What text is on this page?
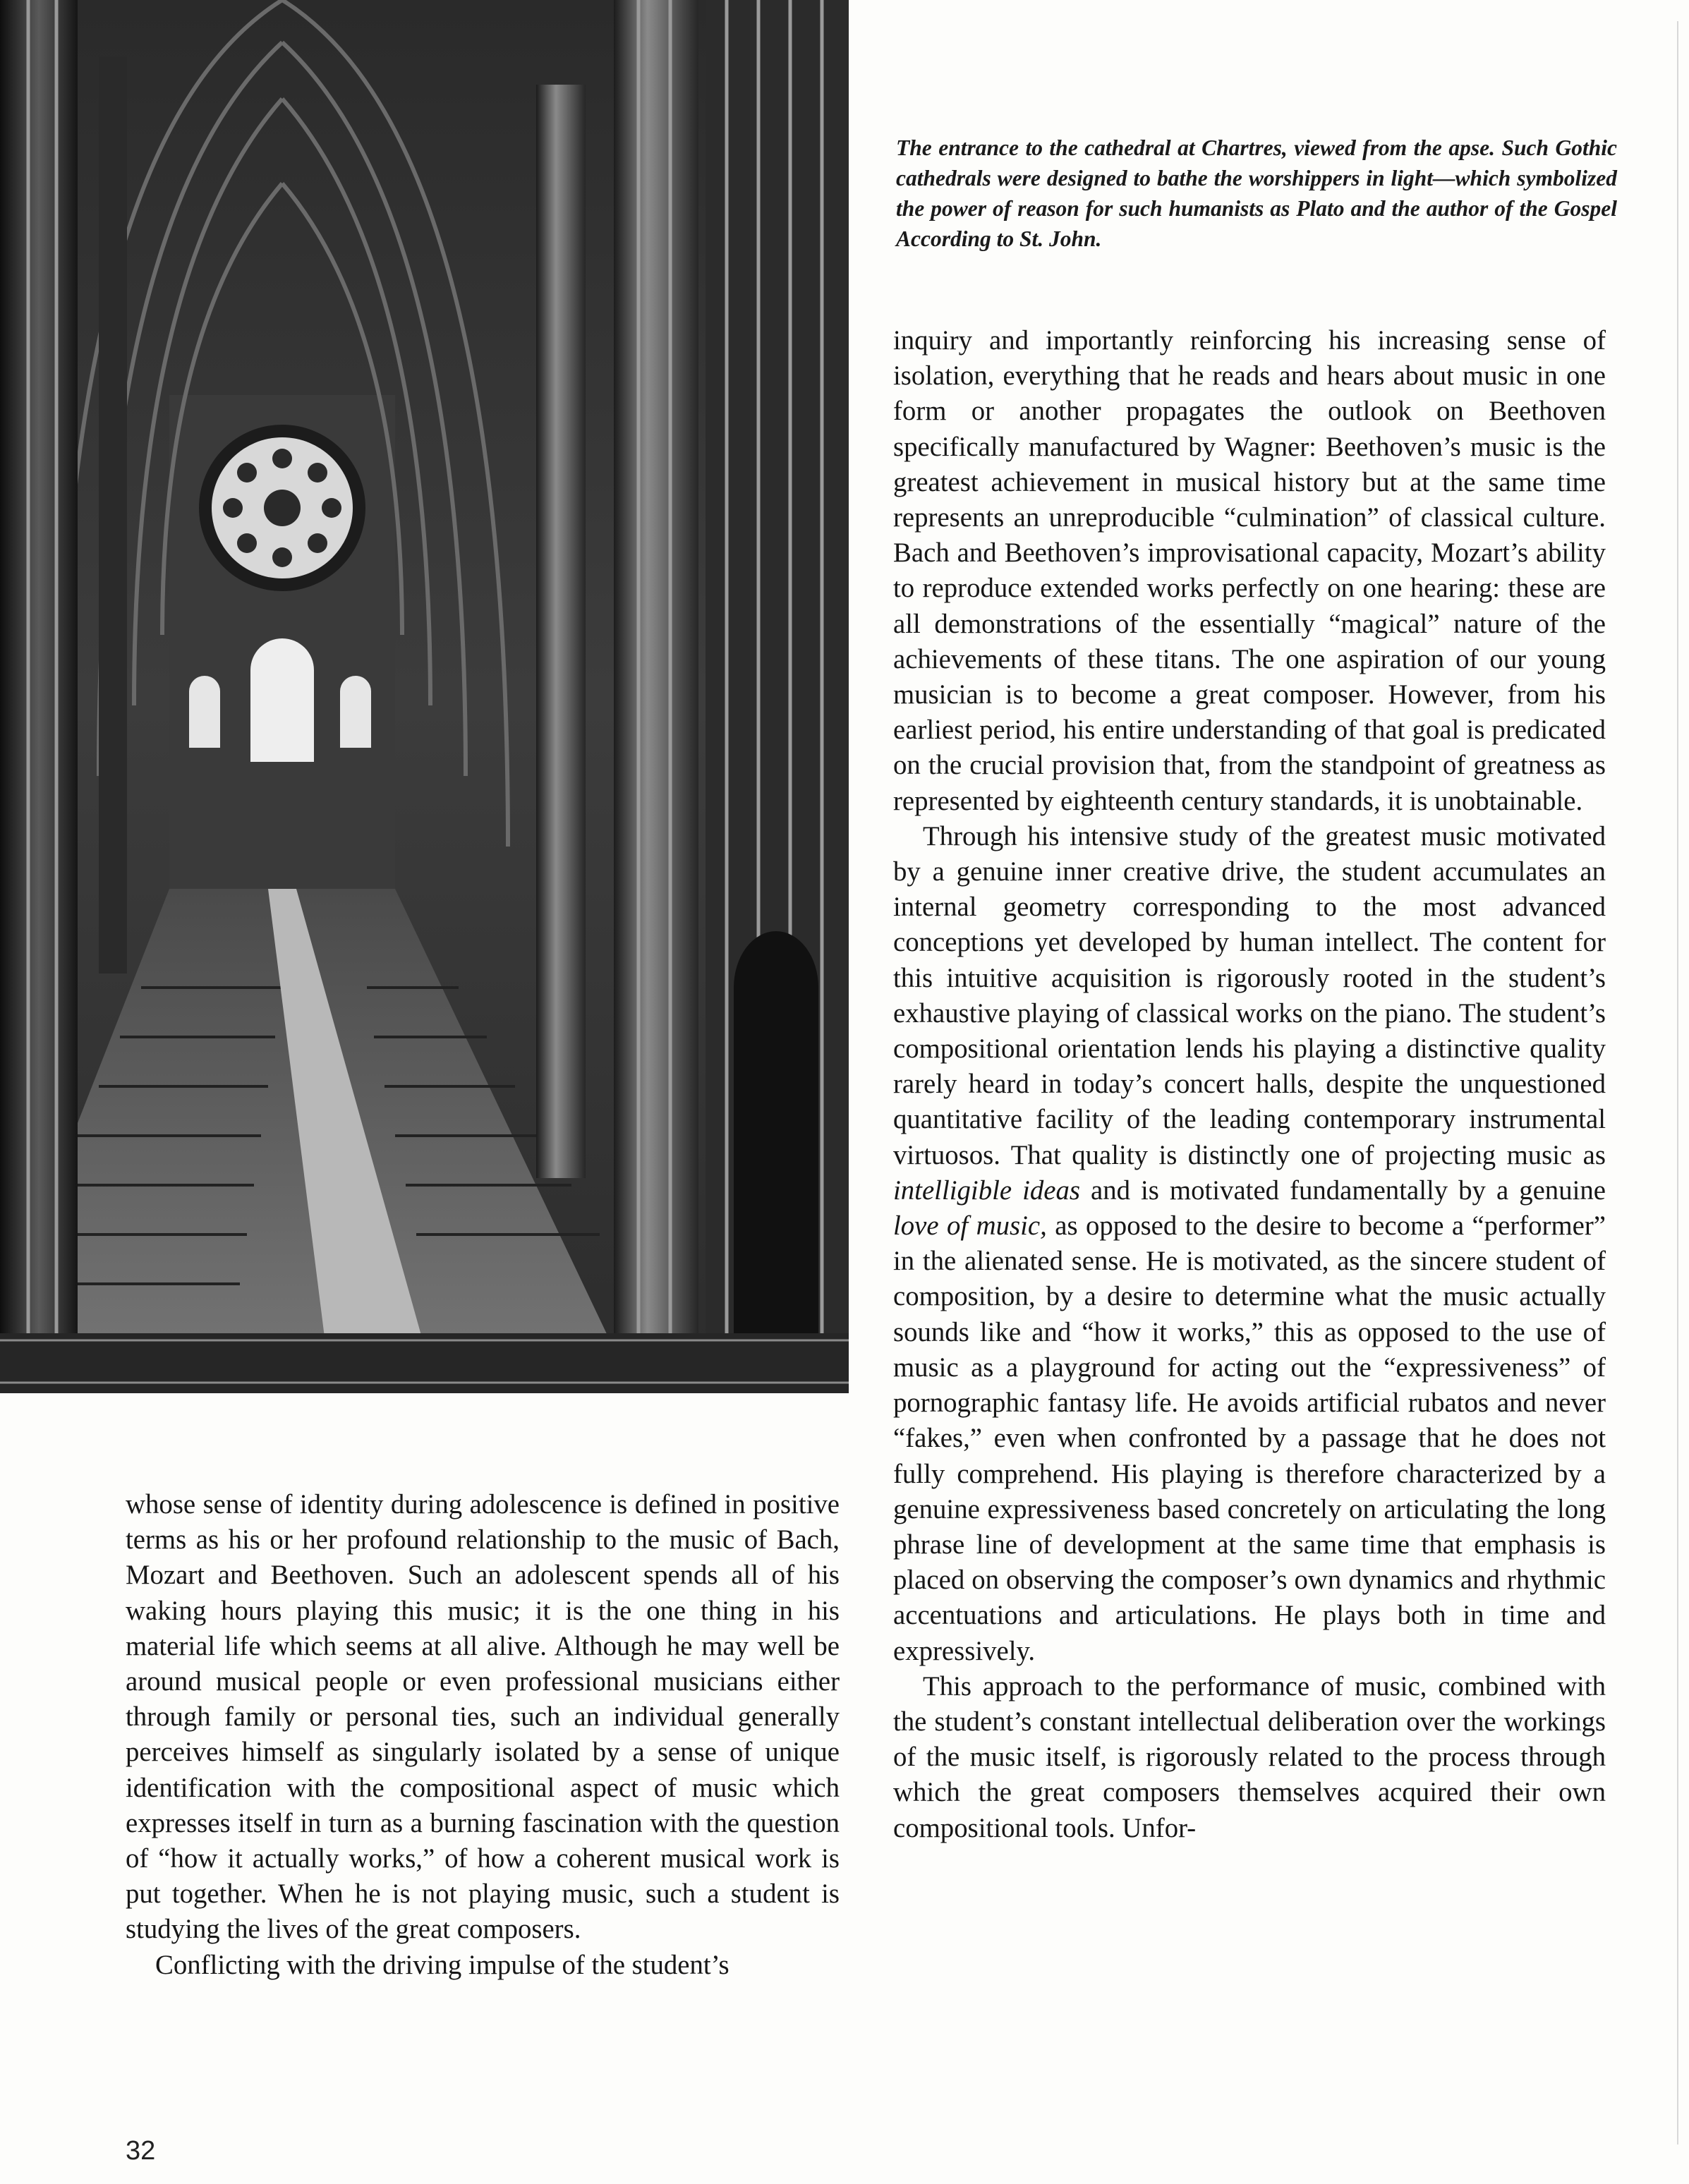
The entrance to the cathedral at Chartres, viewed from the apse. Such Gothic cathedrals were designed to bathe the worshippers in light—which symbolized the power of reason for such humanists as Plato and the author of the Gospel According to St. John.

whose sense of identity during adolescence is defined in positive terms as his or her profound relationship to the music of Bach, Mozart and Beethoven. Such an adolescent spends all of his waking hours playing this music; it is the one thing in his material life which seems at all alive. Although he may well be around musical people or even professional musicians either through family or personal ties, such an individual generally perceives himself as singularly isolated by a sense of unique identification with the compositional aspect of music which expresses itself in turn as a burning fascination with the question of “how it actually works,” of how a coherent musical work is put together. When he is not playing music, such a student is studying the lives of the great composers.

Conflicting with the driving impulse of the student’s

inquiry and importantly reinforcing his increasing sense of isolation, everything that he reads and hears about music in one form or another propagates the outlook on Beethoven specifically manufactured by Wagner: Beethoven’s music is the greatest achievement in musical history but at the same time represents an unreproducible “culmination” of classical culture. Bach and Beethoven’s improvisational capacity, Mozart’s ability to reproduce extended works perfectly on one hearing: these are all demonstrations of the essentially “magical” nature of the achievements of these titans. The one aspiration of our young musician is to become a great composer. However, from his earliest period, his entire understanding of that goal is predicated on the crucial provision that, from the standpoint of greatness as represented by eighteenth century standards, it is unobtainable.

Through his intensive study of the greatest music motivated by a genuine inner creative drive, the student accumulates an internal geometry corresponding to the most advanced conceptions yet developed by human intellect. The content for this intuitive acquisition is rigorously rooted in the student’s exhaustive playing of classical works on the piano. The student’s compositional orientation lends his playing a distinctive quality rarely heard in today’s concert halls, despite the unquestioned quantitative facility of the leading contemporary instrumental virtuosos. That quality is distinctly one of projecting music as intelligible ideas and is motivated fundamentally by a genuine love of music, as opposed to the desire to become a “performer” in the alienated sense. He is motivated, as the sincere student of composition, by a desire to determine what the music actually sounds like and “how it works,” this as opposed to the use of music as a playground for acting out the “expressiveness” of pornographic fantasy life. He avoids artificial rubatos and never “fakes,” even when confronted by a passage that he does not fully comprehend. His playing is therefore characterized by a genuine expressiveness based concretely on articulating the long phrase line of development at the same time that emphasis is placed on observing the composer’s own dynamics and rhythmic accentuations and articulations. He plays both in time and expressively.

This approach to the performance of music, combined with the student’s constant intellectual deliberation over the workings of the music itself, is rigorously related to the process through which the great composers themselves acquired their own compositional tools. Unfor-

32
